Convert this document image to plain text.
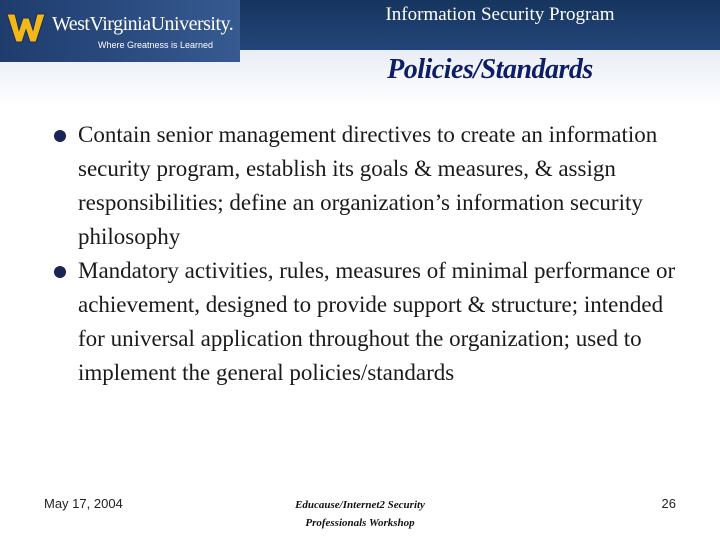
WestVirginiaUniversity.
Where Greatness is Learned
Information Security Program
Policies/Standards
Contain senior management directives to create an information security program, establish its goals & measures, & assign responsibilities; define an organization’s information security philosophy
Mandatory activities, rules, measures of minimal performance or achievement, designed to provide support & structure; intended for universal application throughout the organization; used to implement the general policies/standards
May 17, 2004	Educause/Internet2 Security
Professionals Workshop
26
